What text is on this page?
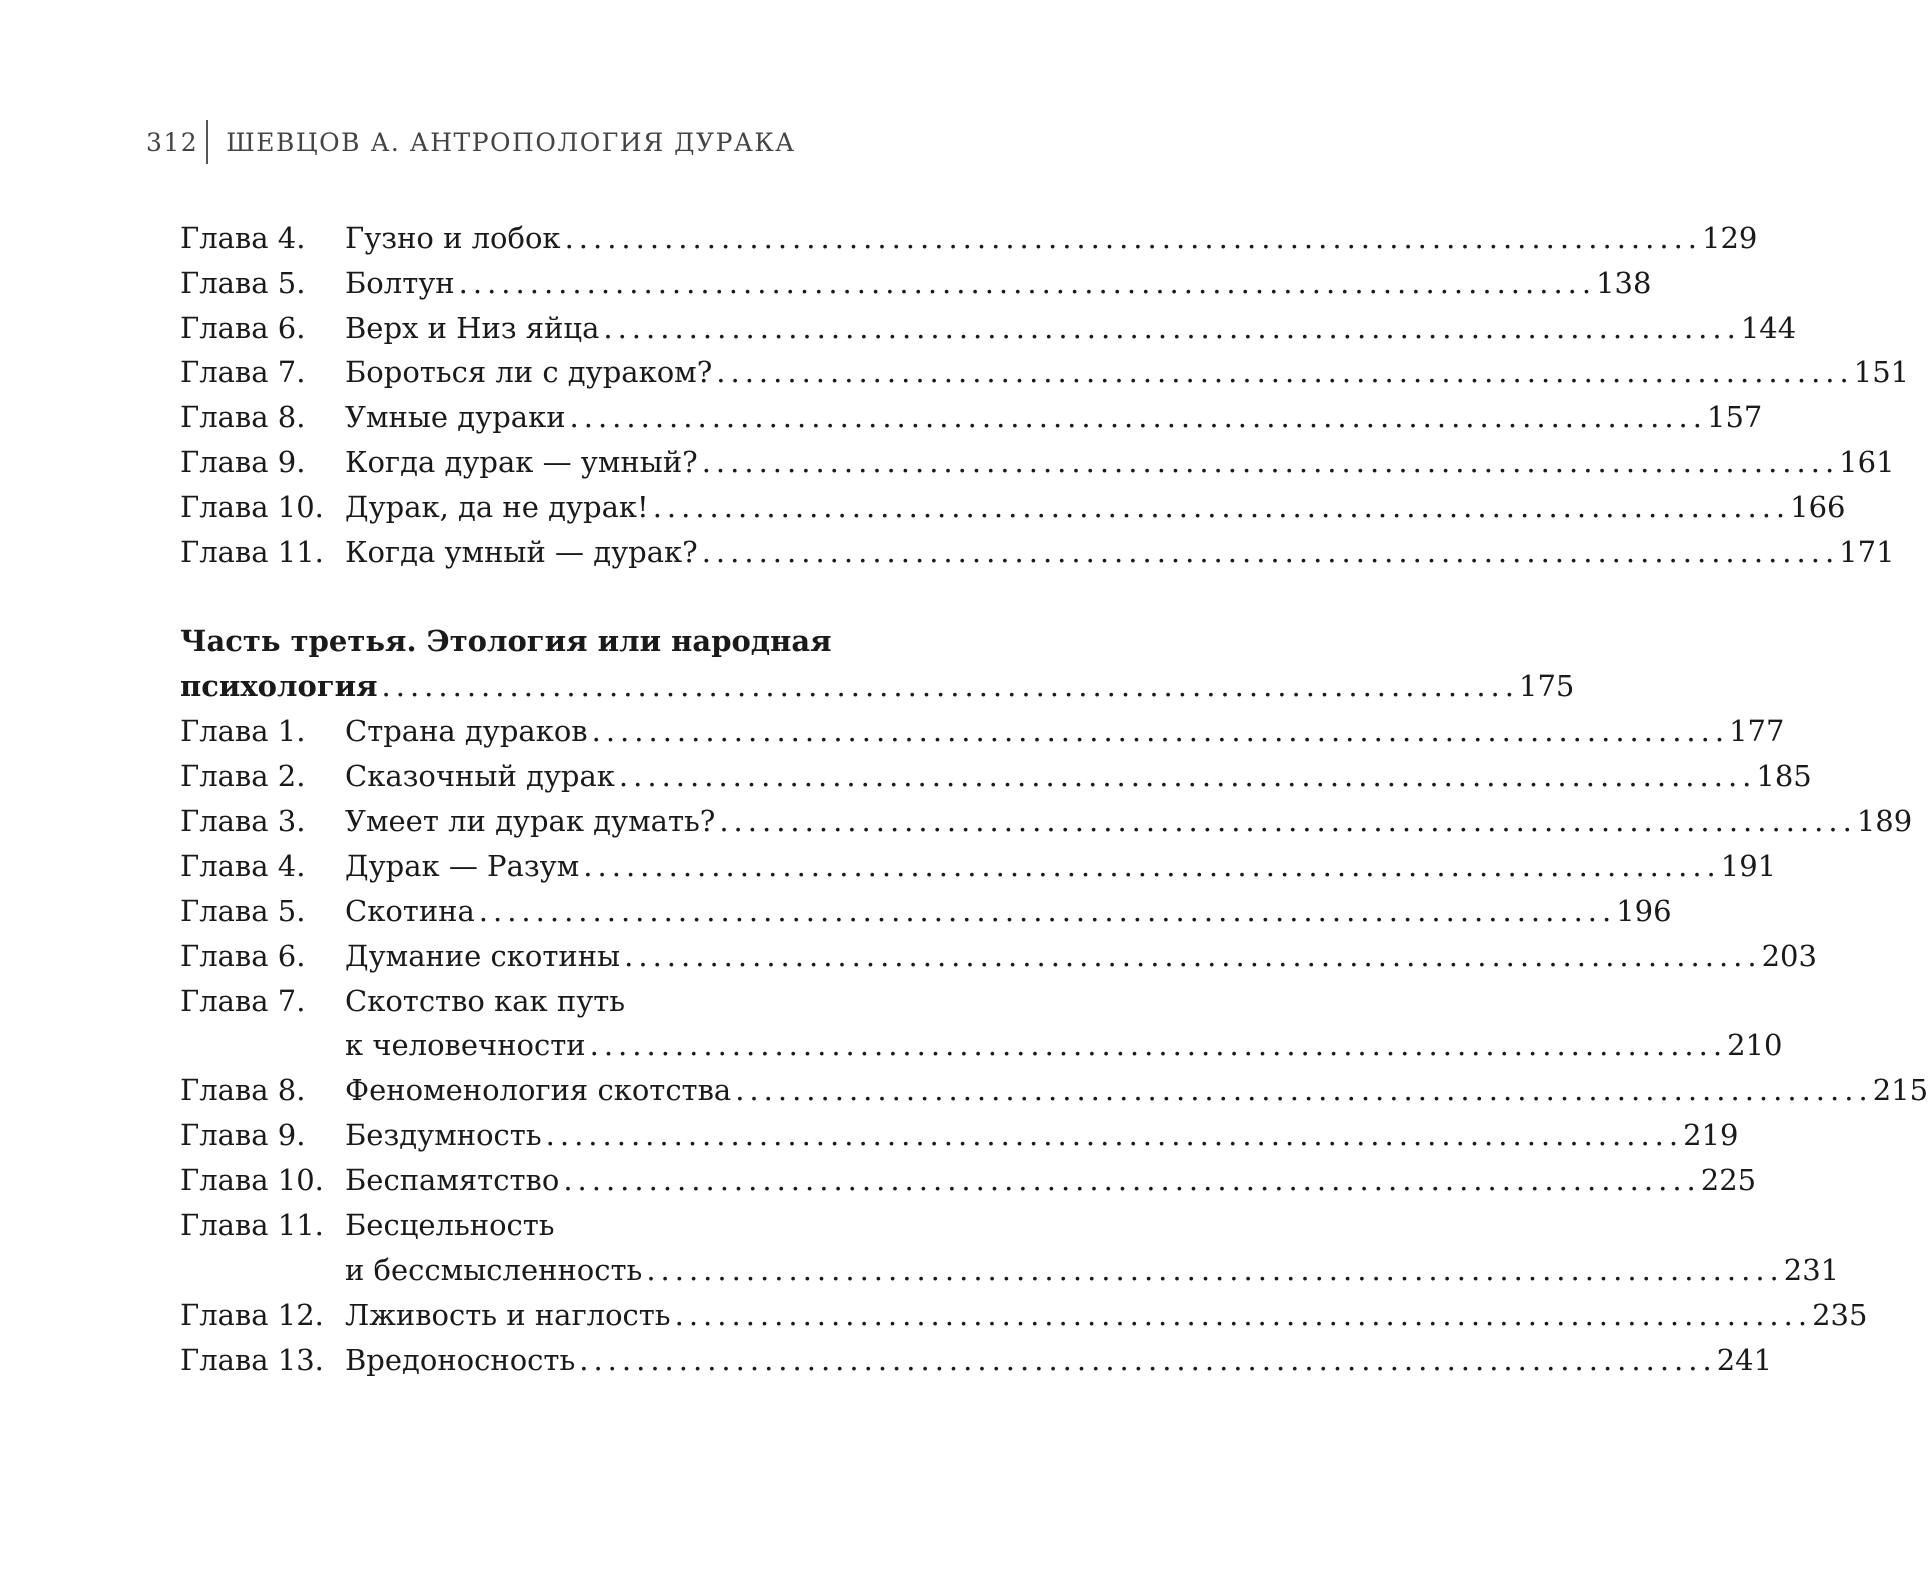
312 ШЕВЦОВ А. АНТРОПОЛОГИЯ ДУРАКА
Глава 4. Гузно и лобок ................................................................................ 129
Глава 5. Болтун ................................................................................ 138
Глава 6. Верх и Низ яйца ................................................................................ 144
Глава 7. Бороться ли с дураком? ................................................................................ 151
Глава 8. Умные дураки ................................................................................ 157
Глава 9. Когда дурак — умный? ................................................................................ 161
Глава 10. Дурак, да не дурак! ................................................................................ 166
Глава 11. Когда умный — дурак? ................................................................................ 171
Часть третья. Этология или народная
психология ................................................................................ 175
Глава 1. Страна дураков ................................................................................ 177
Глава 2. Сказочный дурак ................................................................................ 185
Глава 3. Умеет ли дурак думать? ................................................................................ 189
Глава 4. Дурак — Разум ................................................................................ 191
Глава 5. Скотина ................................................................................ 196
Глава 6. Думание скотины ................................................................................ 203
Глава 7. Скотство как путь
к человечности ................................................................................ 210
Глава 8. Феноменология скотства ................................................................................ 215
Глава 9. Бездумность ................................................................................ 219
Глава 10. Беспамятство ................................................................................ 225
Глава 11. Бесцельность
и бессмысленность ................................................................................ 231
Глава 12. Лживость и наглость ................................................................................ 235
Глава 13. Вредоносность ................................................................................ 241
